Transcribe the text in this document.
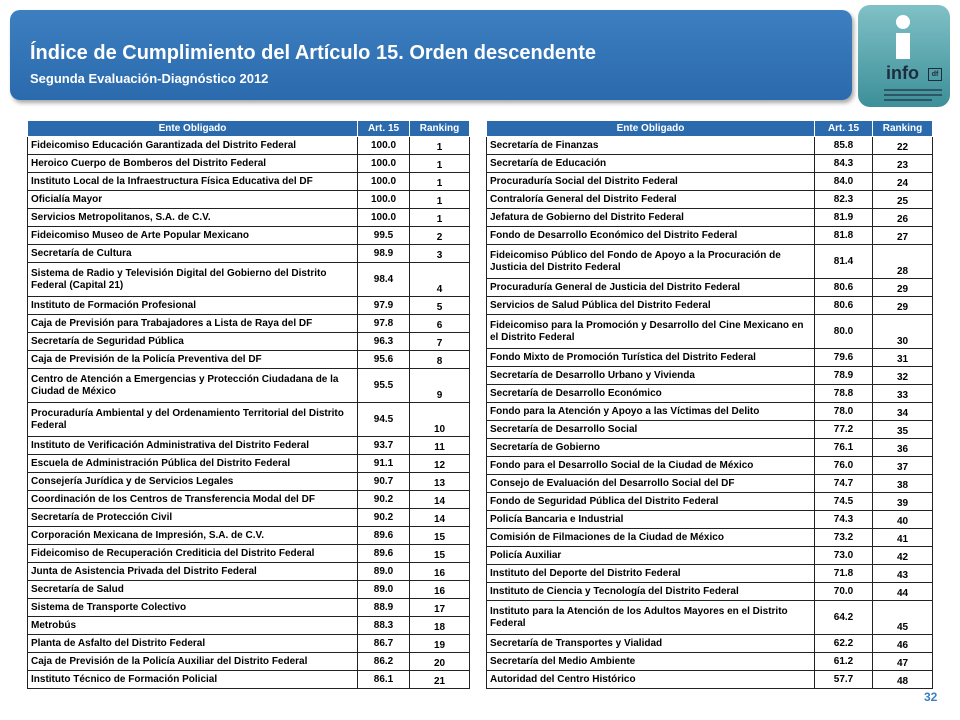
Índice de Cumplimiento del Artículo 15. Orden descendente
Segunda Evaluación-Diagnóstico 2012	info	df
Ente Obligado	Art. 15	Ranking
Fideicomiso Educación Garantizada del Distrito Federal	100.0	1
Heroico Cuerpo de Bomberos del Distrito Federal	100.0	1
Instituto Local de la Infraestructura Física Educativa del DF	100.0	1
Oficialía Mayor	100.0	1
Servicios Metropolitanos, S.A. de C.V.	100.0	1
Fideicomiso Museo de Arte Popular Mexicano	99.5	2
Secretaría de Cultura	98.9	3
Sistema de Radio y Televisión Digital del Gobierno del Distrito Federal (Capital 21)	98.4	4
Instituto de Formación Profesional	97.9	5
Caja de Previsión para Trabajadores a Lista de Raya del DF	97.8	6
Secretaría de Seguridad Pública	96.3	7
Caja de Previsión de la Policía Preventiva del DF	95.6	8
Centro de Atención a Emergencias y Protección Ciudadana de la Ciudad de México	95.5	9
Procuraduría Ambiental y del Ordenamiento Territorial del Distrito Federal	94.5	10
Instituto de Verificación Administrativa del Distrito Federal	93.7	11
Escuela de Administración Pública del Distrito Federal	91.1	12
Consejería Jurídica y de Servicios Legales	90.7	13
Coordinación de los Centros de Transferencia Modal del DF	90.2	14
Secretaría de Protección Civil	90.2	14
Corporación Mexicana de Impresión, S.A. de C.V.	89.6	15
Fideicomiso de Recuperación Crediticia del Distrito Federal	89.6	15
Junta de Asistencia Privada del Distrito Federal	89.0	16
Secretaría de Salud	89.0	16
Sistema de Transporte Colectivo	88.9	17
Metrobús	88.3	18
Planta de Asfalto del Distrito Federal	86.7	19
Caja de Previsión de la Policía Auxiliar del Distrito Federal	86.2	20
Instituto Técnico de Formación Policial	86.1	21
Ente Obligado	Art. 15	Ranking
Secretaría de Finanzas	85.8	22
Secretaría de Educación	84.3	23
Procuraduría Social del Distrito Federal	84.0	24
Contraloría General del Distrito Federal	82.3	25
Jefatura de Gobierno del Distrito Federal	81.9	26
Fondo de Desarrollo Económico del Distrito Federal	81.8	27
Fideicomiso Público del Fondo de Apoyo a la Procuración de Justicia del Distrito Federal	81.4	28
Procuraduría General de Justicia del Distrito Federal	80.6	29
Servicios de Salud Pública del Distrito Federal	80.6	29
Fideicomiso para la Promoción y Desarrollo del Cine Mexicano en el Distrito Federal	80.0	30
Fondo Mixto de Promoción Turística del Distrito Federal	79.6	31
Secretaría de Desarrollo Urbano y Vivienda	78.9	32
Secretaría de Desarrollo Económico	78.8	33
Fondo para la Atención y Apoyo a las Víctimas del Delito	78.0	34
Secretaría de Desarrollo Social	77.2	35
Secretaría de Gobierno	76.1	36
Fondo para el Desarrollo Social de la Ciudad de México	76.0	37
Consejo de Evaluación del Desarrollo Social del DF	74.7	38
Fondo de Seguridad Pública del Distrito Federal	74.5	39
Policía Bancaria e Industrial	74.3	40
Comisión de Filmaciones de la Ciudad de México	73.2	41
Policía Auxiliar	73.0	42
Instituto del Deporte del Distrito Federal	71.8	43
Instituto de Ciencia y Tecnología del Distrito Federal	70.0	44
Instituto para la Atención de los Adultos Mayores en el Distrito Federal	64.2	45
Secretaría de Transportes y Vialidad	62.2	46
Secretaría del Medio Ambiente	61.2	47
Autoridad del Centro Histórico	57.7	48
32
